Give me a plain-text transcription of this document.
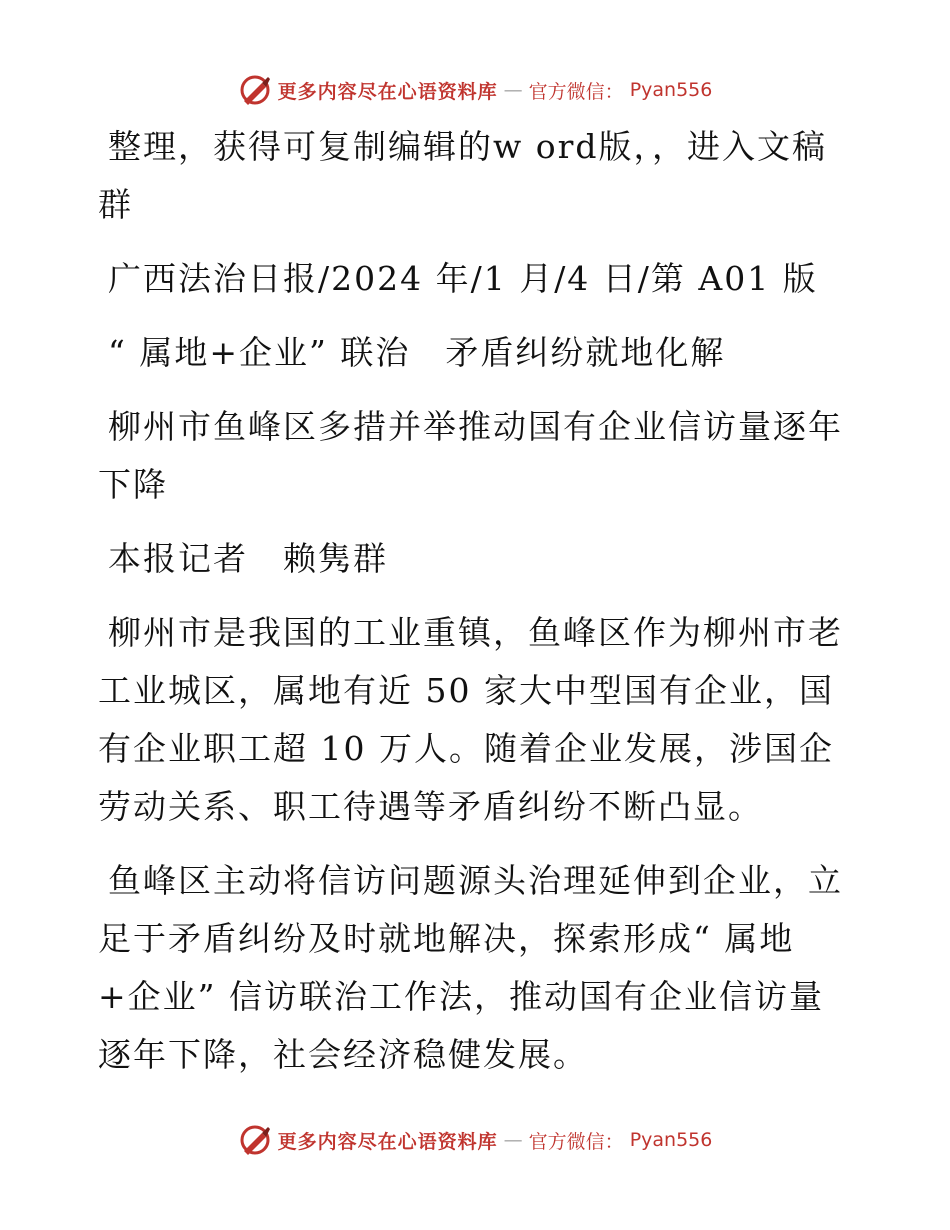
更多内容尽在心语资料库 — 官方微信： Pyan556

整理，获得可复制编辑的w ord版，，进入文稿群

广西法治日报/2024 年/1 月/4 日/第 A01 版

“ 属地+企业” 联治　矛盾纠纷就地化解

柳州市鱼峰区多措并举推动国有企业信访量逐年下降

本报记者　赖隽群

柳州市是我国的工业重镇，鱼峰区作为柳州市老工业城区，属地有近 50 家大中型国有企业，国有企业职工超 10 万人。随着企业发展，涉国企劳动关系、职工待遇等矛盾纠纷不断凸显。

鱼峰区主动将信访问题源头治理延伸到企业，立足于矛盾纠纷及时就地解决，探索形成“ 属地+企业” 信访联治工作法，推动国有企业信访量逐年下降，社会经济稳健发展。

更多内容尽在心语资料库 — 官方微信： Pyan556
